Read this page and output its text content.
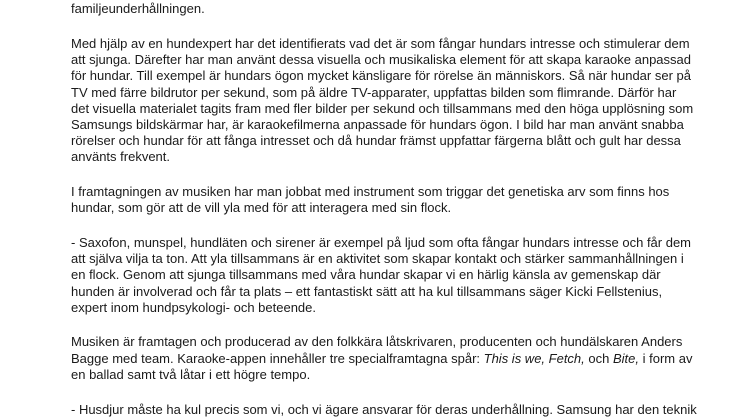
familjeunderhållningen.
Med hjälp av en hundexpert har det identifierats vad det är som fångar hundars intresse och stimulerar dem
att sjunga. Därefter har man använt dessa visuella och musikaliska element för att skapa karaoke anpassad
för hundar. Till exempel är hundars ögon mycket känsligare för rörelse än människors. Så när hundar ser på
TV med färre bildrutor per sekund, som på äldre TV-apparater, uppfattas bilden som flimrande. Därför har
det visuella materialet tagits fram med fler bilder per sekund och tillsammans med den höga upplösning som
Samsungs bildskärmar har, är karaokefilmerna anpassade för hundars ögon. I bild har man använt snabba
rörelser och hundar för att fånga intresset och då hundar främst uppfattar färgerna blått och gult har dessa
använts frekvent.
I framtagningen av musiken har man jobbat med instrument som triggar det genetiska arv som finns hos
hundar, som gör att de vill yla med för att interagera med sin flock.
- Saxofon, munspel, hundläten och sirener är exempel på ljud som ofta fångar hundars intresse och får dem
att själva vilja ta ton. Att yla tillsammans är en aktivitet som skapar kontakt och stärker sammanhållningen i
en flock. Genom att sjunga tillsammans med våra hundar skapar vi en härlig känsla av gemenskap där
hunden är involverad och får ta plats – ett fantastiskt sätt att ha kul tillsammans säger Kicki Fellstenius,
expert inom hundpsykologi- och beteende.
Musiken är framtagen och producerad av den folkkära låtskrivaren, producenten och hundälskaren Anders
Bagge med team. Karaoke-appen innehåller tre specialframtagna spår: This is we, Fetch, och Bite, i form av
en ballad samt två låtar i ett högre tempo.
- Husdjur måste ha kul precis som vi, och vi ägare ansvarar för deras underhållning. Samsung har den teknik
